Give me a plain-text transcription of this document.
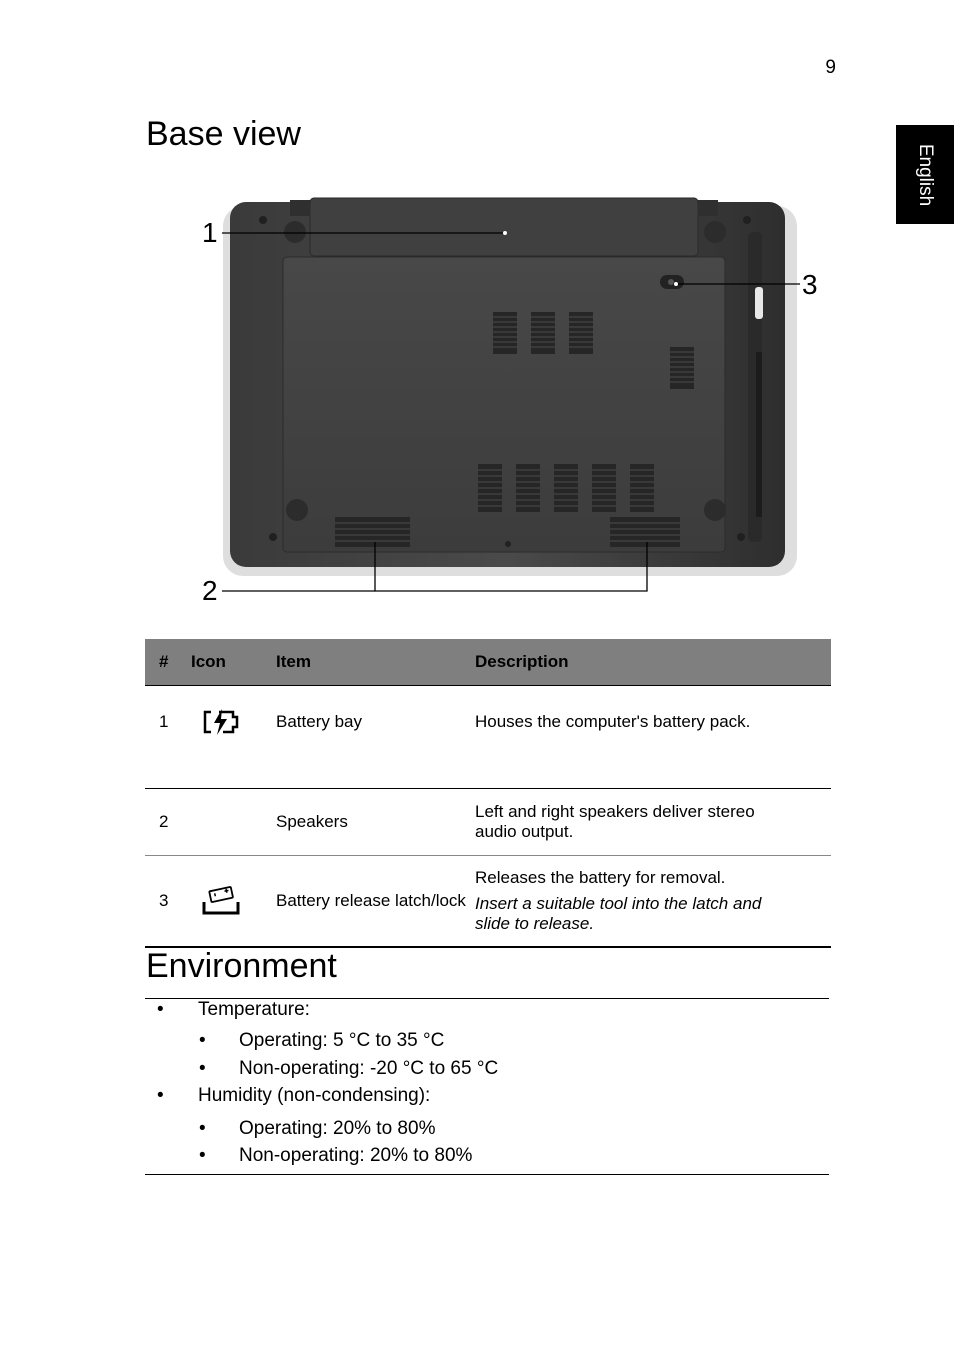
9
English
Base view
1
2
3
#	Icon	Item	Description
1		Battery bay	Houses the computer's battery pack.
2		Speakers	Left and right speakers deliver stereo audio output.
3		Battery release latch/lock	Releases the battery for removal.
Insert a suitable tool into the latch and slide to release.
Environment
• Temperature:
• Operating: 5 °C to 35 °C
• Non-operating: -20 °C to 65 °C
• Humidity (non-condensing):
• Operating: 20% to 80%
• Non-operating: 20% to 80%
